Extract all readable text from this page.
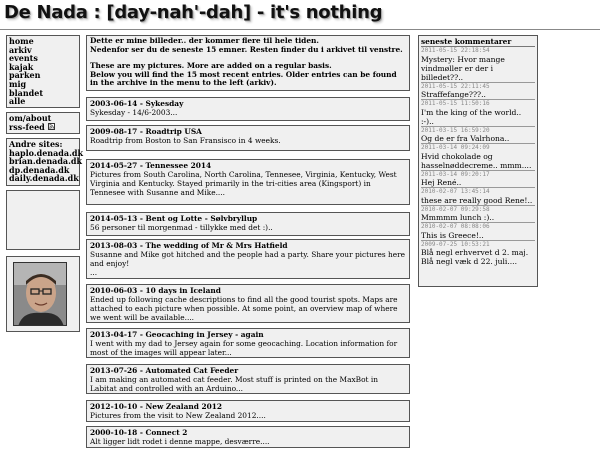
De Nada : [day-nah'-dah] - it's nothing
home
arkiv
events
kajak
parken
mig
blandet
alle
om/about
rss-feed
Andre sites:
haplo.denada.dk
brian.denada.dk
dp.denada.dk
daily.denada.dk

Dette er mine billeder.. der kommer flere til hele tiden.

Nedenfor ser du de seneste 15 emner. Resten finder du i arkivet til venstre.

These are my pictures. More are added on a regular basis.

Below you will find the 15 most recent entries. Older entries can be found in the archive in the menu to the left (arkiv).

2003-06-14 - Sykesday
Sykesday - 14/6-2003...
2009-08-17 - Roadtrip USA
Roadtrip from Boston to San Fransisco in 4 weeks.
2014-05-27 - Tennessee 2014
Pictures from South Carolina, North Carolina, Tennesee, Virginia, Kentucky, West Virginia and Kentucky. Stayed primarily in the tri-cities area (Kingsport) in Tennesee with Susanne and Mike....
2014-05-13 - Bent og Lotte - Sølvbryllup
56 personer til morgenmad - tillykke med det :)..
2013-08-03 - The wedding of Mr & Mrs Hatfield
Susanne and Mike got hitched and the people had a party. Share your pictures here and enjoy!
...
2010-06-03 - 10 days in Iceland
Ended up following cache descriptions to find all the good tourist spots. Maps are attached to each picture when possible. At some point, an overview map of where we went will be available....
2013-04-17 - Geocaching in Jersey - again
I went with my dad to Jersey again for some geocaching. Location information for most of the images will appear later...
2013-07-26 - Automated Cat Feeder
I am making an automated cat feeder. Most stuff is printed on the MaxBot in Labitat and controlled with an Arduino...
2012-10-10 - New Zealand 2012
Pictures from the visit to New Zealand 2012....
2000-10-18 - Connect 2
Alt ligger lidt rodet i denne mappe, desværre....
seneste kommentarer
2011-05-15 22:18:54
Mystery: Hvor mange vindmøller er der i billedet??..
2011-05-15 22:11:45
Straffefange???..
2011-05-15 11:50:16
I'm the king of the world.. :-)..
2011-03-15 16:59:20
Og de er fra Valrhona..
2011-03-14 09:24:09
Hvid chokolade og hasselnøddecreme.. mmm....
2011-03-14 09:20:17
Hej René..
2010-02-07 13:45:14
these are really good Rene!..
2010-02-07 09:29:58
Mmmmm lunch :)..
2010-02-07 08:08:06
This is Greece!..
2009-07-25 10:53:21
Blå negl erhvervet d 2. maj. Blå negl væk d 22. juli....
